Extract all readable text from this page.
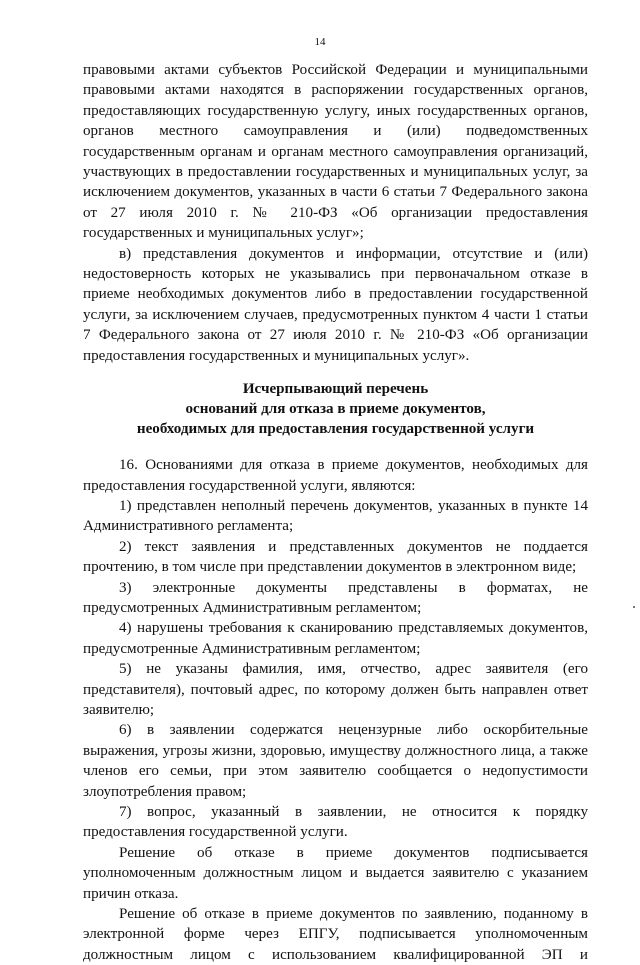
14

правовыми актами субъектов Российской Федерации и муниципальными правовыми актами находятся в распоряжении государственных органов, предоставляющих государственную услугу, иных государственных органов, органов местного самоуправления и (или) подведомственных государственным органам и органам местного самоуправления организаций, участвующих в предоставлении государственных и муниципальных услуг, за исключением документов, указанных в части 6 статьи 7 Федерального закона от 27 июля 2010 г. № 210-ФЗ «Об организации предоставления государственных и муниципальных услуг»;

в) представления документов и информации, отсутствие и (или) недостоверность которых не указывались при первоначальном отказе в приеме необходимых документов либо в предоставлении государственной услуги, за исключением случаев, предусмотренных пунктом 4 части 1 статьи 7 Федерального закона от 27 июля 2010 г. № 210-ФЗ «Об организации предоставления государственных и муниципальных услуг».

Исчерпывающий перечень
оснований для отказа в приеме документов,
необходимых для предоставления государственной услуги

16. Основаниями для отказа в приеме документов, необходимых для предоставления государственной услуги, являются:

1) представлен неполный перечень документов, указанных в пункте 14 Административного регламента;

2) текст заявления и представленных документов не поддается прочтению, в том числе при представлении документов в электронном виде;

3) электронные документы представлены в форматах, не предусмотренных Административным регламентом;

4) нарушены требования к сканированию представляемых документов, предусмотренные Административным регламентом;

5) не указаны фамилия, имя, отчество, адрес заявителя (его представителя), почтовый адрес, по которому должен быть направлен ответ заявителю;

6) в заявлении содержатся нецензурные либо оскорбительные выражения, угрозы жизни, здоровью, имуществу должностного лица, а также членов его семьи, при этом заявителю сообщается о недопустимости злоупотребления правом;

7) вопрос, указанный в заявлении, не относится к порядку предоставления государственной услуги.

Решение об отказе в приеме документов подписывается уполномоченным должностным лицом и выдается заявителю с указанием причин отказа.

Решение об отказе в приеме документов по заявлению, поданному в электронной форме через ЕПГУ, подписывается уполномоченным должностным лицом с использованием квалифицированной ЭП и
